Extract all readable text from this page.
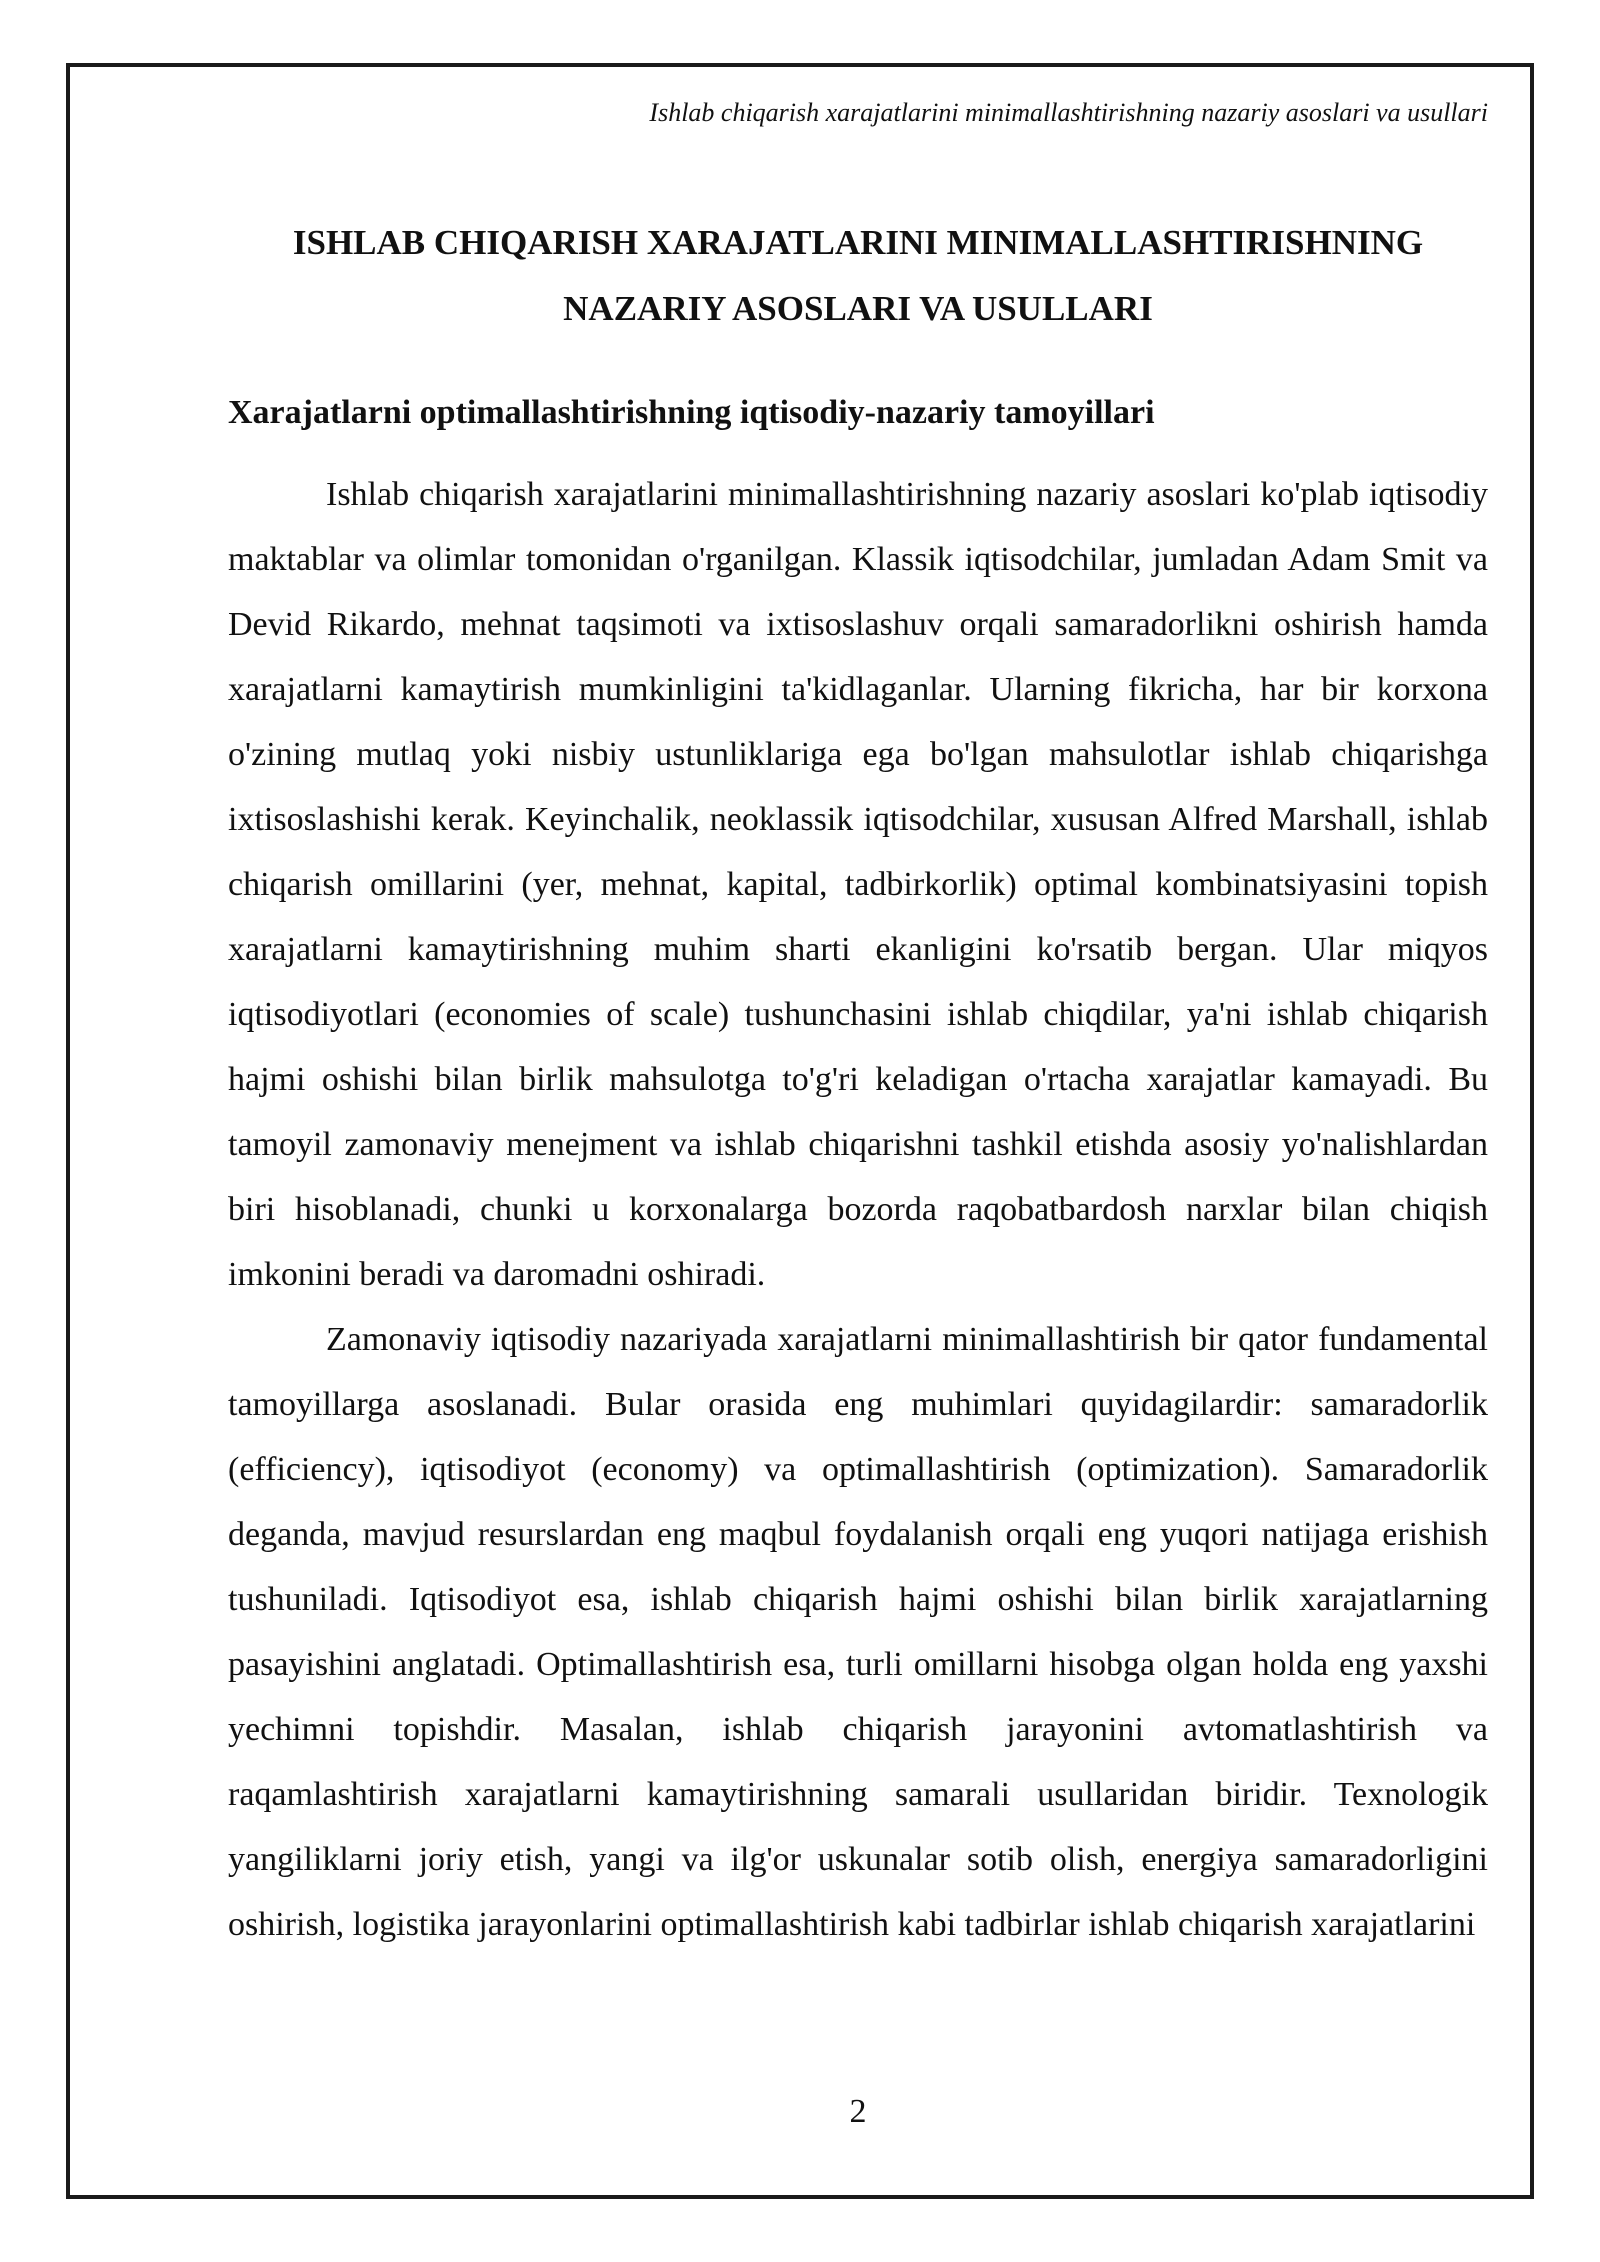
Ishlab chiqarish xarajatlarini minimallashtirishning nazariy asoslari va usullari
ISHLAB CHIQARISH XARAJATLARINI MINIMALLASHTIRISHNING NAZARIY ASOSLARI VA USULLARI
Xarajatlarni optimallashtirishning iqtisodiy-nazariy tamoyillari

Ishlab chiqarish xarajatlarini minimallashtirishning nazariy asoslari ko'plab iqtisodiy maktablar va olimlar tomonidan o'rganilgan. Klassik iqtisodchilar, jumladan Adam Smit va Devid Rikardo, mehnat taqsimoti va ixtisoslashuv orqali samaradorlikni oshirish hamda xarajatlarni kamaytirish mumkinligini ta'kidlaganlar. Ularning fikricha, har bir korxona o'zining mutlaq yoki nisbiy ustunliklariga ega bo'lgan mahsulotlar ishlab chiqarishga ixtisoslashishi kerak. Keyinchalik, neoklassik iqtisodchilar, xususan Alfred Marshall, ishlab chiqarish omillarini (yer, mehnat, kapital, tadbirkorlik) optimal kombinatsiyasini topish xarajatlarni kamaytirishning muhim sharti ekanligini ko'rsatib bergan. Ular miqyos iqtisodiyotlari (economies of scale) tushunchasini ishlab chiqdilar, ya'ni ishlab chiqarish hajmi oshishi bilan birlik mahsulotga to'g'ri keladigan o'rtacha xarajatlar kamayadi. Bu tamoyil zamonaviy menejment va ishlab chiqarishni tashkil etishda asosiy yo'nalishlardan biri hisoblanadi, chunki u korxonalarga bozorda raqobatbardosh narxlar bilan chiqish imkonini beradi va daromadni oshiradi.

Zamonaviy iqtisodiy nazariyada xarajatlarni minimallashtirish bir qator fundamental tamoyillarga asoslanadi. Bular orasida eng muhimlari quyidagilardir: samaradorlik (efficiency), iqtisodiyot (economy) va optimallashtirish (optimization). Samaradorlik deganda, mavjud resurslardan eng maqbul foydalanish orqali eng yuqori natijaga erishish tushuniladi. Iqtisodiyot esa, ishlab chiqarish hajmi oshishi bilan birlik xarajatlarning pasayishini anglatadi. Optimallashtirish esa, turli omillarni hisobga olgan holda eng yaxshi yechimni topishdir. Masalan, ishlab chiqarish jarayonini avtomatlashtirish va raqamlashtirish xarajatlarni kamaytirishning samarali usullaridan biridir. Texnologik yangiliklarni joriy etish, yangi va ilg'or uskunalar sotib olish, energiya samaradorligini oshirish, logistika jarayonlarini optimallashtirish kabi tadbirlar ishlab chiqarish xarajatlarini

2
